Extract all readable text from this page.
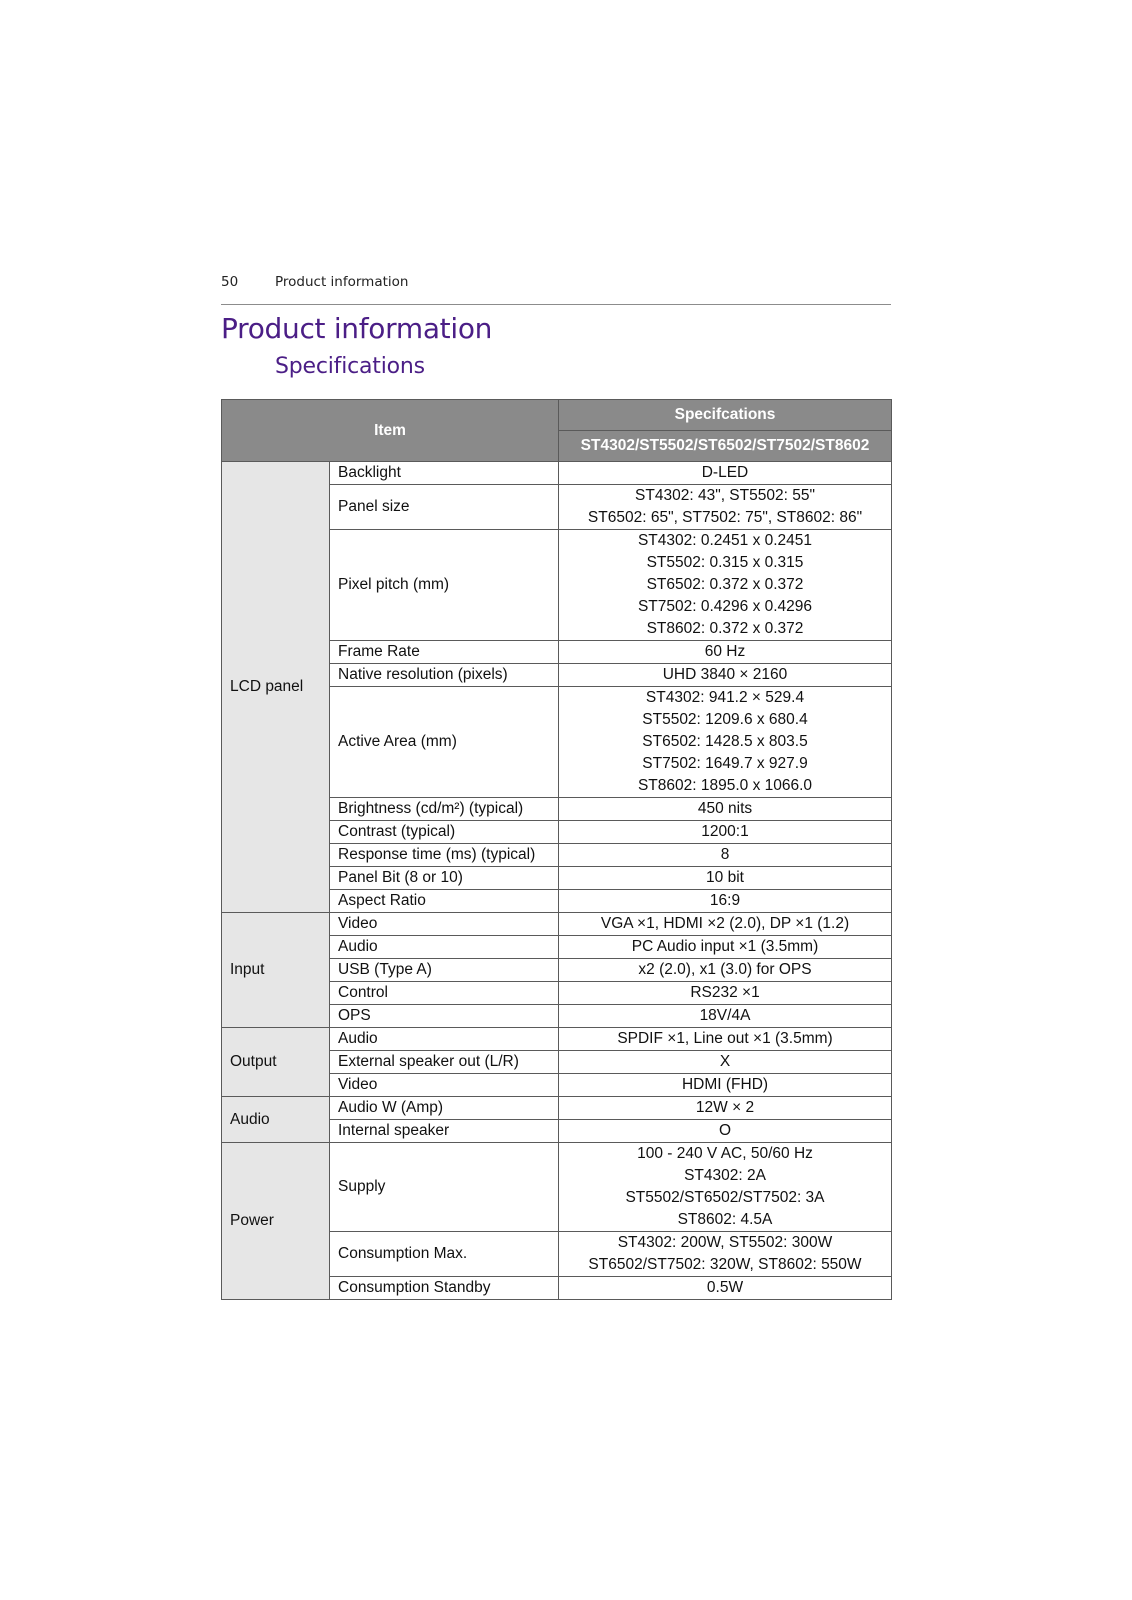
50	Product information
Product information
Specifications
Item		Specifcations
		ST4302/ST5502/ST6502/ST7502/ST8602
LCD panel	Backlight	D-LED

	Panel size	ST4302: 43", ST5502: 55"
ST6502: 65", ST7502: 75", ST8602: 86"

	Pixel pitch (mm)	ST4302: 0.2451 x 0.2451
ST5502: 0.315 x 0.315
ST6502: 0.372 x 0.372
ST7502: 0.4296 x 0.4296
ST8602: 0.372 x 0.372

	Frame Rate	60 Hz

	Native resolution (pixels)	UHD 3840 × 2160

	Active Area (mm)	ST4302: 941.2 × 529.4
ST5502: 1209.6 x 680.4
ST6502: 1428.5 x 803.5
ST7502: 1649.7 x 927.9
ST8602: 1895.0 x 1066.0

	Brightness (cd/m²) (typical)	450 nits

	Contrast (typical)	1200:1

	Response time (ms) (typical)	8

	Panel Bit (8 or 10)	10 bit

	Aspect Ratio	16:9

Input	Video	VGA ×1, HDMI ×2 (2.0), DP ×1 (1.2)

	Audio	PC Audio input ×1 (3.5mm)

	USB (Type A)	x2 (2.0), x1 (3.0) for OPS

	Control	RS232 ×1

	OPS	18V/4A

Output	Audio	SPDIF ×1, Line out ×1 (3.5mm)

	External speaker out (L/R)	X

	Video	HDMI (FHD)

Audio	Audio W (Amp)	12W × 2

	Internal speaker	O

Power	Supply	100 - 240 V AC, 50/60 Hz
ST4302: 2A
ST5502/ST6502/ST7502: 3A
ST8602: 4.5A

	Consumption Max.	ST4302: 200W, ST5502: 300W
ST6502/ST7502: 320W, ST8602: 550W

	Consumption Standby	0.5W
